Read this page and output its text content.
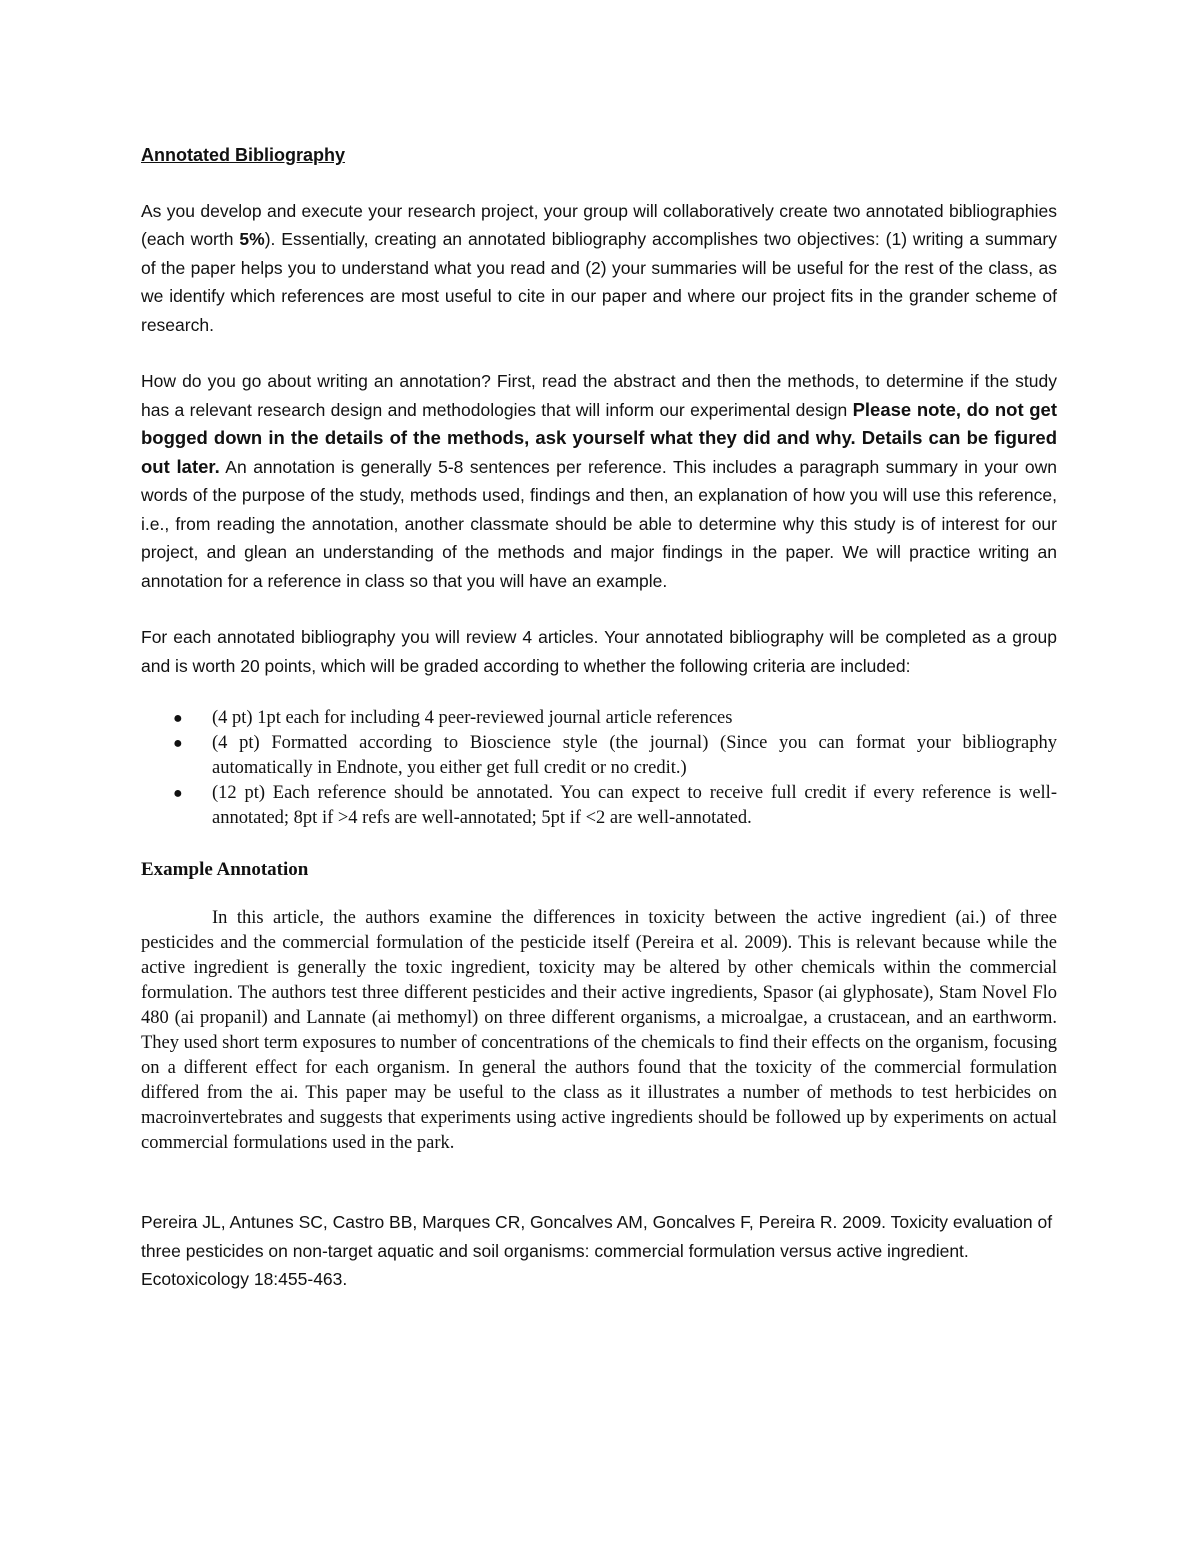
Annotated Bibliography

As you develop and execute your research project, your group will collaboratively create two annotated bibliographies (each worth 5%). Essentially, creating an annotated bibliography accomplishes two objectives: (1) writing a summary of the paper helps you to understand what you read and (2) your summaries will be useful for the rest of the class, as we identify which references are most useful to cite in our paper and where our project fits in the grander scheme of research.

How do you go about writing an annotation? First, read the abstract and then the methods, to determine if the study has a relevant research design and methodologies that will inform our experimental design Please note, do not get bogged down in the details of the methods, ask yourself what they did and why. Details can be figured out later. An annotation is generally 5-8 sentences per reference. This includes a paragraph summary in your own words of the purpose of the study, methods used, findings and then, an explanation of how you will use this reference, i.e., from reading the annotation, another classmate should be able to determine why this study is of interest for our project, and glean an understanding of the methods and major findings in the paper. We will practice writing an annotation for a reference in class so that you will have an example.

For each annotated bibliography you will review 4 articles. Your annotated bibliography will be completed as a group and is worth 20 points, which will be graded according to whether the following criteria are included:

● (4 pt) 1pt each for including 4 peer-reviewed journal article references
● (4 pt) Formatted according to Bioscience style (the journal) (Since you can format your bibliography automatically in Endnote, you either get full credit or no credit.)
● (12 pt) Each reference should be annotated. You can expect to receive full credit if every reference is well-annotated; 8pt if >4 refs are well-annotated; 5pt if <2 are well-annotated.
Example Annotation

In this article, the authors examine the differences in toxicity between the active ingredient (ai.) of three pesticides and the commercial formulation of the pesticide itself (Pereira et al. 2009). This is relevant because while the active ingredient is generally the toxic ingredient, toxicity may be altered by other chemicals within the commercial formulation. The authors test three different pesticides and their active ingredients, Spasor (ai glyphosate), Stam Novel Flo 480 (ai propanil) and Lannate (ai methomyl) on three different organisms, a microalgae, a crustacean, and an earthworm. They used short term exposures to number of concentrations of the chemicals to find their effects on the organism, focusing on a different effect for each organism. In general the authors found that the toxicity of the commercial formulation differed from the ai. This paper may be useful to the class as it illustrates a number of methods to test herbicides on macroinvertebrates and suggests that experiments using active ingredients should be followed up by experiments on actual commercial formulations used in the park.

Pereira JL, Antunes SC, Castro BB, Marques CR, Goncalves AM, Goncalves F, Pereira R. 2009. Toxicity evaluation of three pesticides on non-target aquatic and soil organisms: commercial formulation versus active ingredient. Ecotoxicology 18:455-463.
